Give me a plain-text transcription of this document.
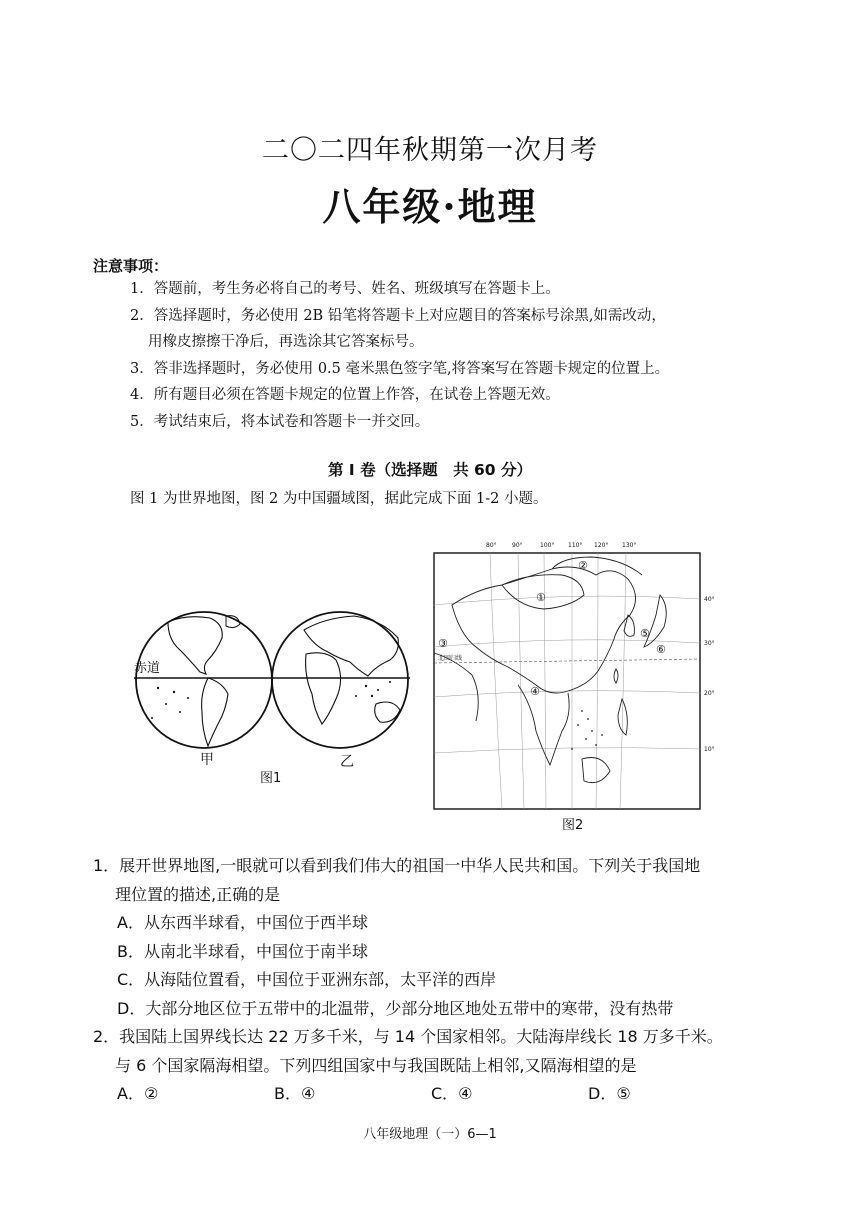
二〇二四年秋期第一次月考
八年级·地理
注意事项：
1．答题前，考生务必将自己的考号、姓名、班级填写在答题卡上。
2．答选择题时，务必使用 2B 铅笔将答题卡上对应题目的答案标号涂黑,如需改动，
用橡皮擦擦干净后，再选涂其它答案标号。
3．答非选择题时，务必使用 0.5 毫米黑色签字笔,将答案写在答题卡规定的位置上。
4．所有题目必须在答题卡规定的位置上作答，在试卷上答题无效。
5．考试结束后，将本试卷和答题卡一并交回。
第 Ⅰ 卷（选择题　共 60 分）
图 1 为世界地图，图 2 为中国疆域图，据此完成下面 1-2 小题。
赤道
甲	乙
图1
80°	90°	100° 110° 120° 130°
40°
30°
20°
10°
北回归线
①
②
③
④
⑤
⑥
图2
1．展开世界地图,一眼就可以看到我们伟大的祖国一中华人民共和国。下列关于我国地
理位置的描述,正确的是
A．从东西半球看，中国位于西半球
B．从南北半球看，中国位于南半球
C．从海陆位置看，中国位于亚洲东部，太平洋的西岸
D．大部分地区位于五带中的北温带，少部分地区地处五带中的寒带，没有热带
2．我国陆上国界线长达 22 万多千米，与 14 个国家相邻。大陆海岸线长 18 万多千米。
与 6 个国家隔海相望。下列四组国家中与我国既陆上相邻,又隔海相望的是
A．②	B．④	C．④	D．⑤
八年级地理（一）6—1
